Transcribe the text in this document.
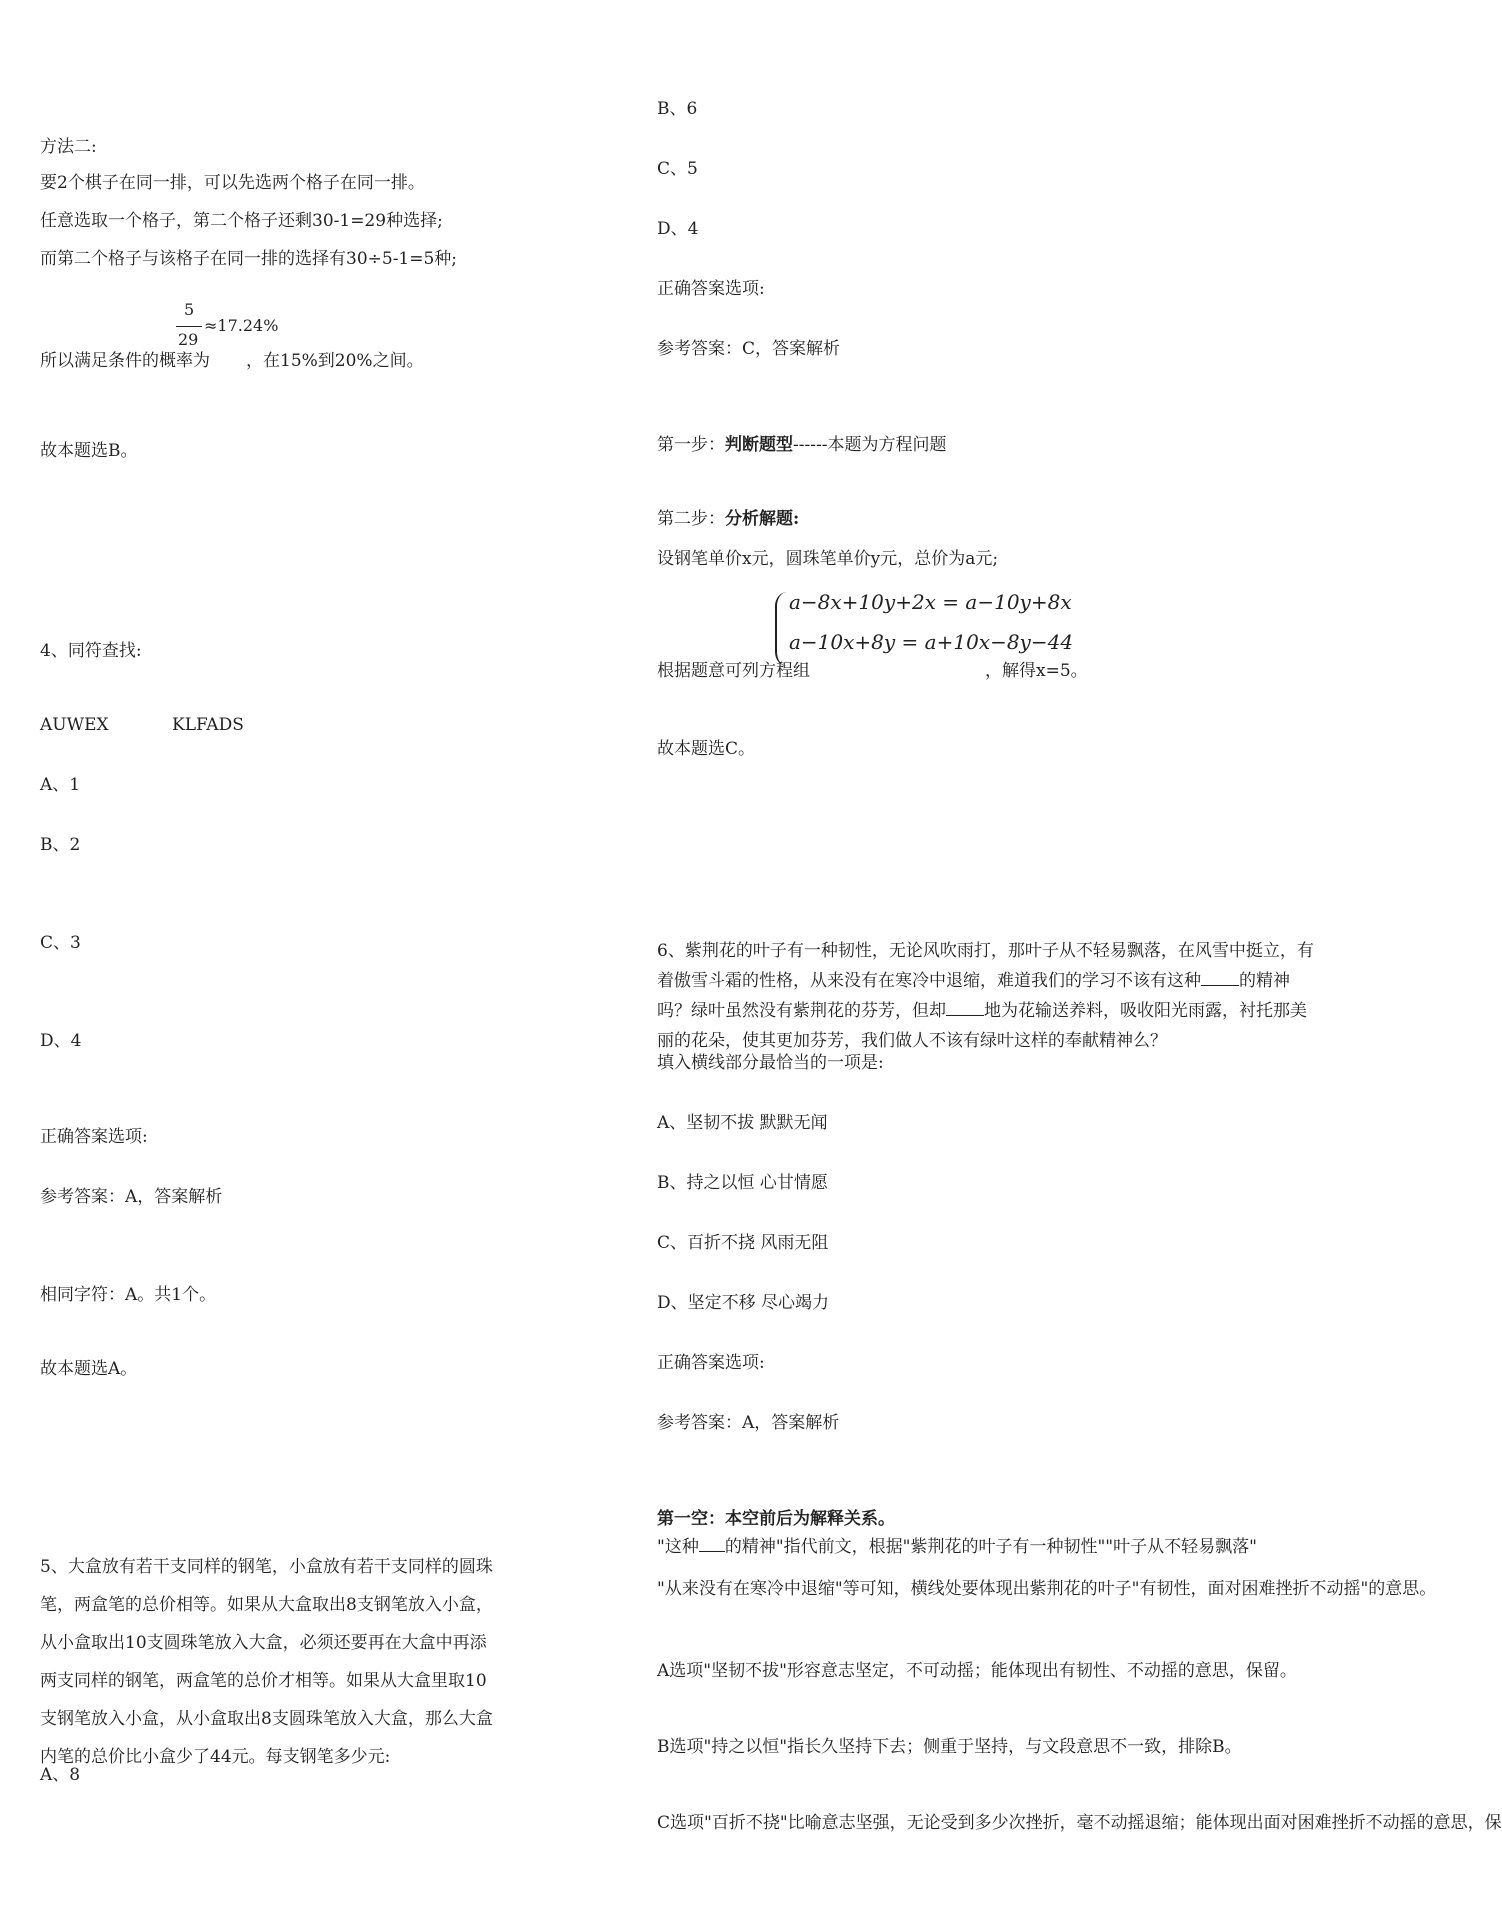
方法二:
要2个棋子在同一排，可以先选两个格子在同一排。
任意选取一个格子，第二个格子还剩30-1=29种选择;
而第二个格子与该格子在同一排的选择有30÷5-1=5种;
所以满足条件的概率为
5
29
≈17.24%
，在15%到20%之间。
故本题选B。
4、同符查找:
AUWEX	KLFADS
A、1
B、2
C、3
D、4
正确答案选项:
参考答案：A，答案解析
相同字符：A。共1个。
故本题选A。
5、大盒放有若干支同样的钢笔，小盒放有若干支同样的圆珠笔，两盒笔的总价相等。如果从大盒取出8支钢笔放入小盒，从小盒取出10支圆珠笔放入大盒，必须还要再在大盒中再添两支同样的钢笔，两盒笔的总价才相等。如果从大盒里取10支钢笔放入小盒，从小盒取出8支圆珠笔放入大盒，那么大盒内笔的总价比小盒少了44元。每支钢笔多少元:
A、8
B、6
C、5
D、4
正确答案选项:
参考答案：C，答案解析
第一步：判断题型------本题为方程问题
第二步：分析解题:
设钢笔单价x元，圆珠笔单价y元，总价为a元;
根据题意可列方程组
a−8x+10y+2x = a−10y+8x
a−10x+8y = a+10x−8y−44
，解得x=5。
故本题选C。
6、紫荆花的叶子有一种韧性，无论风吹雨打，那叶子从不轻易飘落，在风雪中挺立，有着傲雪斗霜的性格，从来没有在寒冷中退缩，难道我们的学习不该有这种 的精神吗？绿叶虽然没有紫荆花的芬芳，但却 地为花输送养料，吸收阳光雨露，衬托那美丽的花朵，使其更加芬芳，我们做人不该有绿叶这样的奉献精神么？
填入横线部分最恰当的一项是:
A、坚韧不拔 默默无闻
B、持之以恒 心甘情愿
C、百折不挠 风雨无阻
D、坚定不移 尽心竭力
正确答案选项:
参考答案：A，答案解析
第一空：本空前后为解释关系。
"这种 的精神"指代前文，根据"紫荆花的叶子有一种韧性""叶子从不轻易飘落"
"从来没有在寒冷中退缩"等可知，横线处要体现出紫荆花的叶子"有韧性，面对困难挫折不动摇"的意思。
A选项"坚韧不拔"形容意志坚定，不可动摇；能体现出有韧性、不动摇的意思，保留。
B选项"持之以恒"指长久坚持下去；侧重于坚持，与文段意思不一致，排除B。
C选项"百折不挠"比喻意志坚强，无论受到多少次挫折，毫不动摇退缩；能体现出面对困难挫折不动摇的意思，保
